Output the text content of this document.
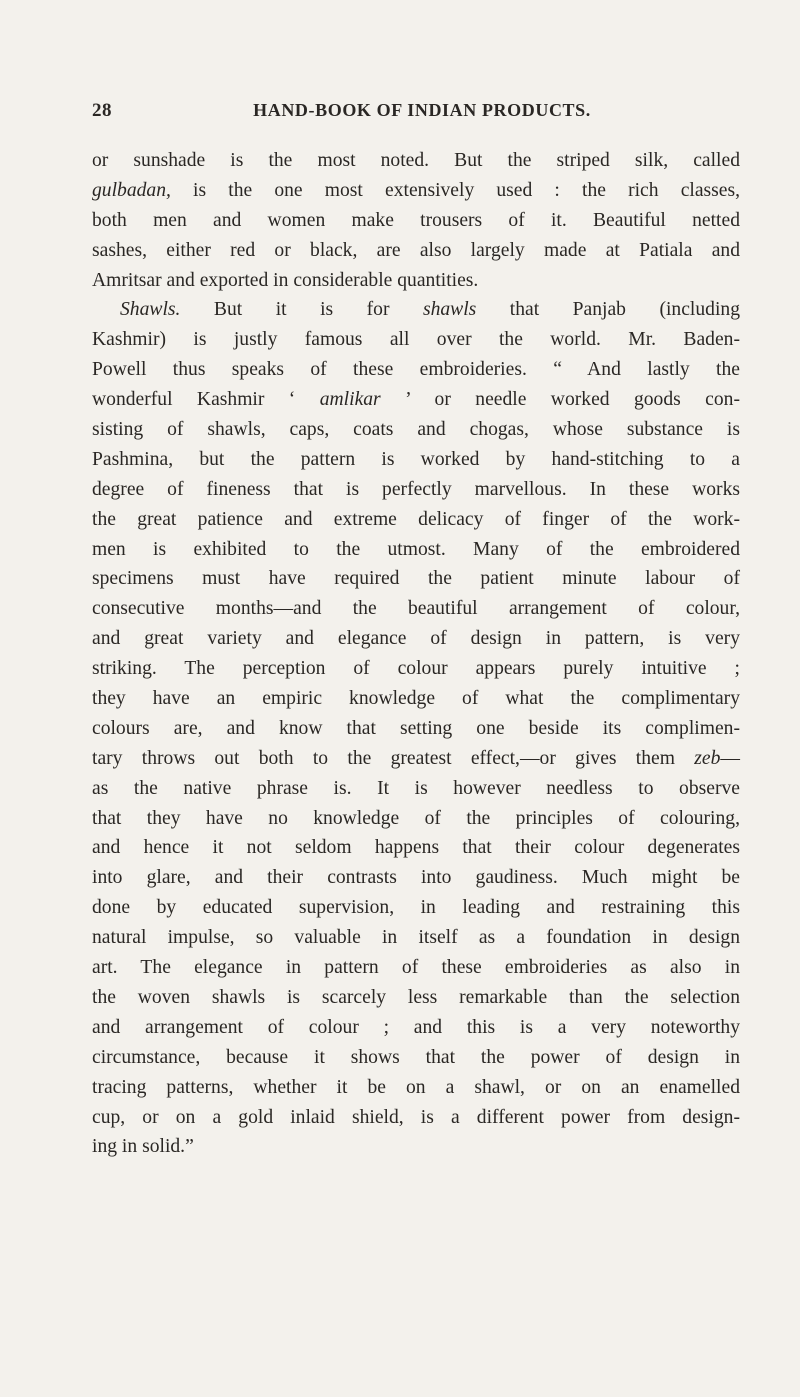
28	HAND-BOOK OF INDIAN PRODUCTS.
or sunshade is the most noted. But the striped silk, called
gulbadan, is the one most extensively used : the rich classes,
both men and women make trousers of it. Beautiful netted
sashes, either red or black, are also largely made at Patiala and
Amritsar and exported in considerable quantities.
Shawls. But it is for shawls that Panjab (including
Kashmir) is justly famous all over the world. Mr. Baden-
Powell thus speaks of these embroideries. “ And lastly the
wonderful Kashmir ‘ amlikar ’ or needle worked goods con-
sisting of shawls, caps, coats and chogas, whose substance is
Pashmina, but the pattern is worked by hand-stitching to a
degree of fineness that is perfectly marvellous. In these works
the great patience and extreme delicacy of finger of the work-
men is exhibited to the utmost. Many of the embroidered
specimens must have required the patient minute labour of
consecutive months—and the beautiful arrangement of colour,
and great variety and elegance of design in pattern, is very
striking. The perception of colour appears purely intuitive ;
they have an empiric knowledge of what the complimentary
colours are, and know that setting one beside its complimen-
tary throws out both to the greatest effect,—or gives them zeb—
as the native phrase is. It is however needless to observe
that they have no knowledge of the principles of colouring,
and hence it not seldom happens that their colour degenerates
into glare, and their contrasts into gaudiness. Much might be
done by educated supervision, in leading and restraining this
natural impulse, so valuable in itself as a foundation in design
art. The elegance in pattern of these embroideries as also in
the woven shawls is scarcely less remarkable than the selection
and arrangement of colour ; and this is a very noteworthy
circumstance, because it shows that the power of design in
tracing patterns, whether it be on a shawl, or on an enamelled
cup, or on a gold inlaid shield, is a different power from design-
ing in solid.”
